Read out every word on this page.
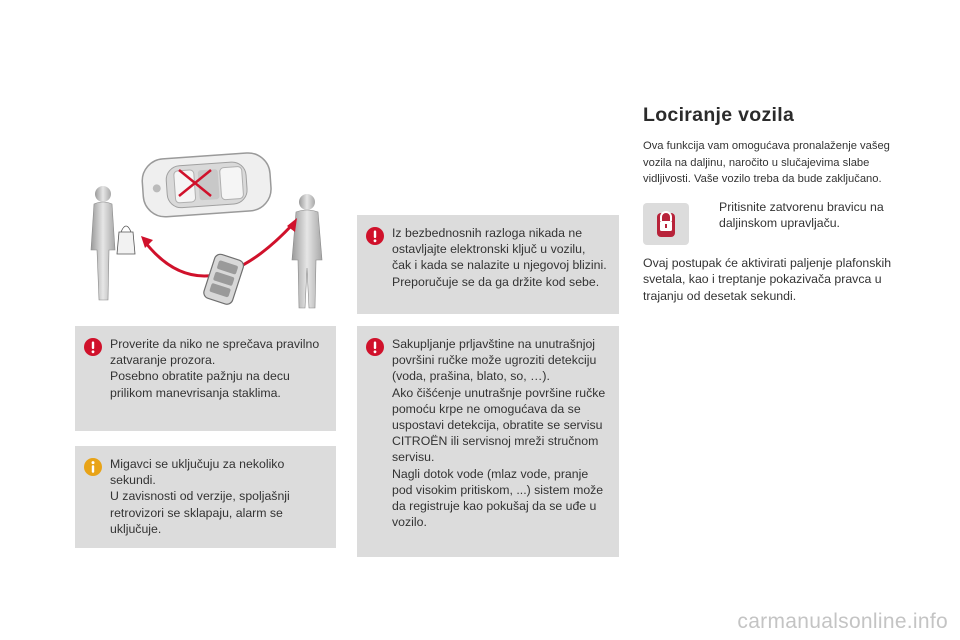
Proverite da niko ne sprečava pravilno
zatvaranje prozora.
Posebno obratite pažnju na decu
prilikom manevrisanja staklima.
Migavci se uključuju za nekoliko
sekundi.
U zavisnosti od verzije, spoljašnji
retrovizori se sklapaju, alarm se
uključuje.
Iz bezbednosnih razloga nikada ne
ostavljajte elektronski ključ u vozilu,
čak i kada se nalazite u njegovoj blizini.
Preporučuje se da ga držite kod sebe.
Sakupljanje prljavštine na unutrašnjoj
površini ručke može ugroziti detekciju
(voda, prašina, blato, so, …).
Ako čišćenje unutrašnje površine ručke
pomoću krpe ne omogućava da se
uspostavi detekcija, obratite se servisu
CITROËN ili servisnoj mreži stručnom
servisu.
Nagli dotok vode (mlaz vode, pranje
pod visokim pritiskom, ...) sistem može
da registruje kao pokušaj da se uđe u
vozilo.
Lociranje vozila

Ova funkcija vam omogućava pronalaženje vašeg
vozila na daljinu, naročito u slučajevima slabe
vidljivosti. Vaše vozilo treba da bude zaključano.

Pritisnite zatvorenu bravicu na
daljinskom upravljaču.

Ovaj postupak će aktivirati paljenje plafonskih
svetala, kao i treptanje pokazivača pravca u
trajanju od desetak sekundi.

carmanualsonline.info
